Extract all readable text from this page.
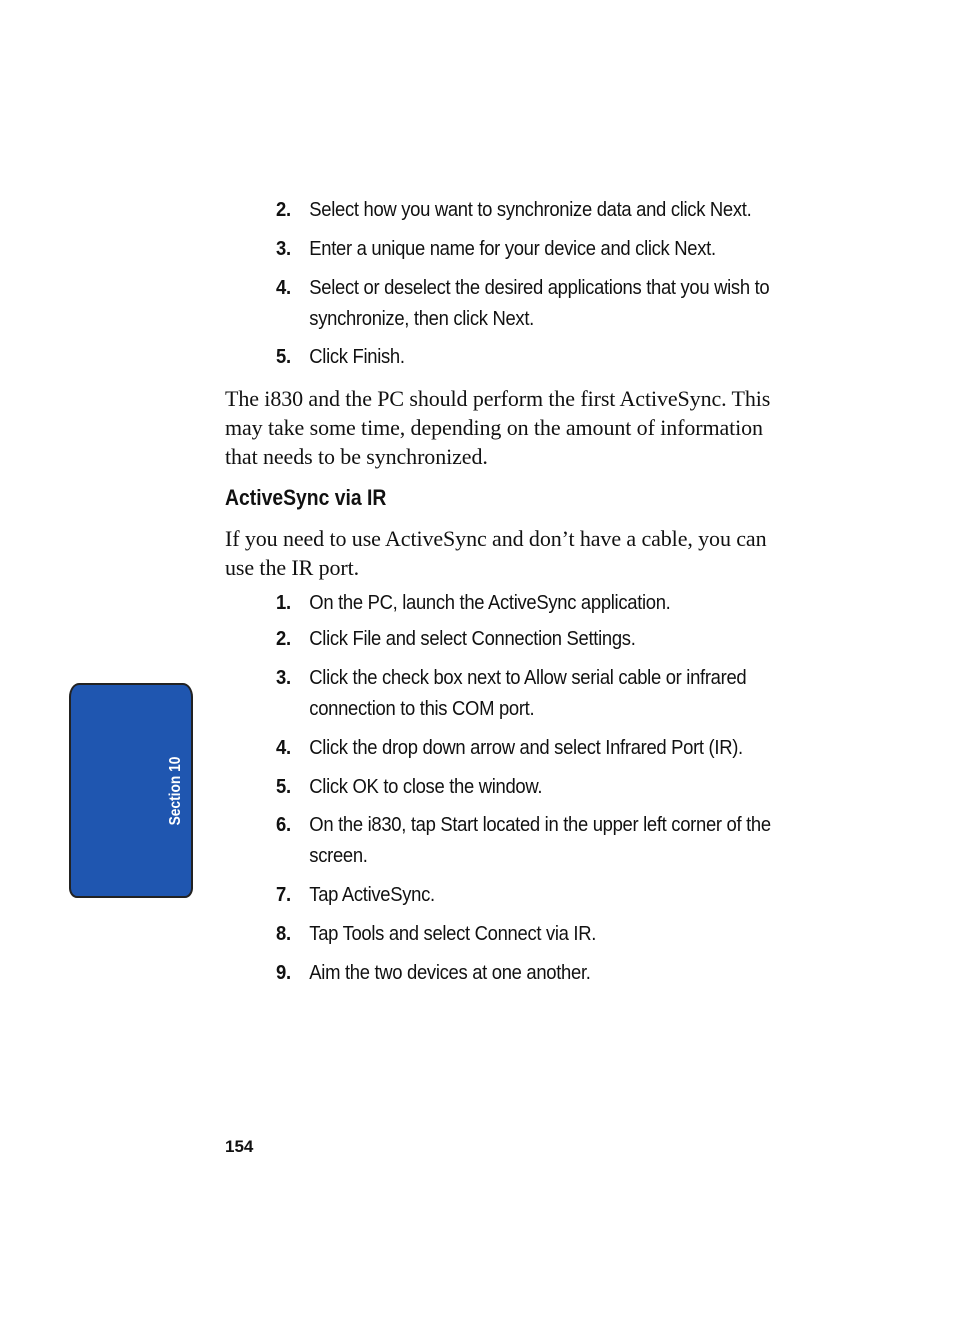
2. Select how you want to synchronize data and click Next.
3. Enter a unique name for your device and click Next.
4. Select or deselect the desired applications that you wish to synchronize, then click Next.
5. Click Finish.

The i830 and the PC should perform the first ActiveSync. This may take some time, depending on the amount of information that needs to be synchronized.

ActiveSync via IR

If you need to use ActiveSync and don’t have a cable, you can use the IR port.

1. On the PC, launch the ActiveSync application.
2. Click File and select Connection Settings.
3. Click the check box next to Allow serial cable or infrared connection to this COM port.
4. Click the drop down arrow and select Infrared Port (IR).
5. Click OK to close the window.
6. On the i830, tap Start located in the upper left corner of the screen.
7. Tap ActiveSync.
8. Tap Tools and select Connect via IR.
9. Aim the two devices at one another.
Section 10
154
